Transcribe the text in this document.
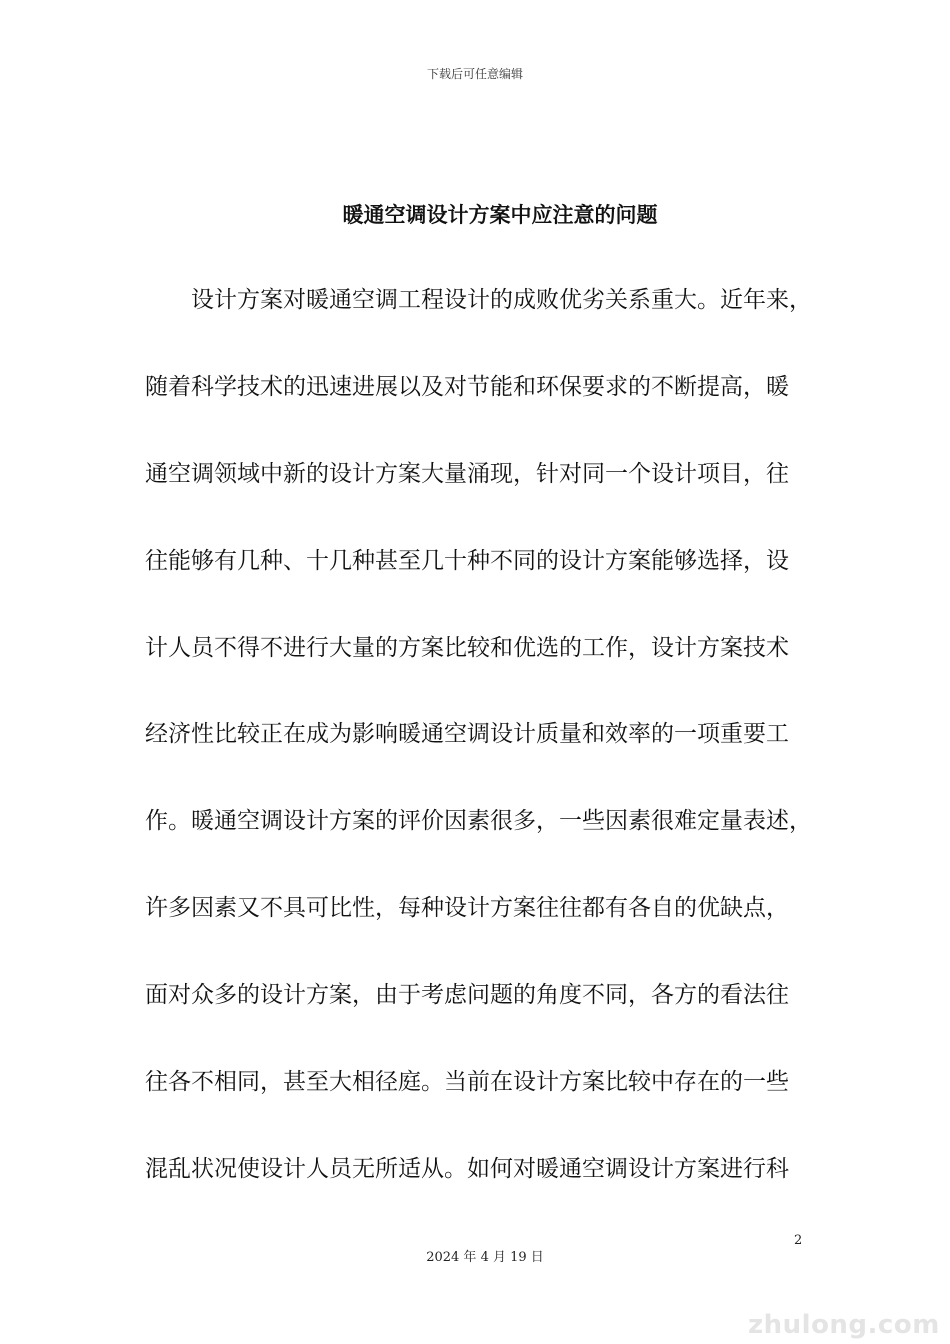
下载后可任意编辑
暖通空调设计方案中应注意的问题
设计方案对暖通空调工程设计的成败优劣关系重大。近年来，
随着科学技术的迅速进展以及对节能和环保要求的不断提高，暖
通空调领域中新的设计方案大量涌现，针对同一个设计项目，往
往能够有几种、十几种甚至几十种不同的设计方案能够选择，设
计人员不得不进行大量的方案比较和优选的工作，设计方案技术
经济性比较正在成为影响暖通空调设计质量和效率的一项重要工
作。暖通空调设计方案的评价因素很多，一些因素很难定量表述，
许多因素又不具可比性，每种设计方案往往都有各自的优缺点，
面对众多的设计方案，由于考虑问题的角度不同，各方的看法往
往各不相同，甚至大相径庭。当前在设计方案比较中存在的一些
混乱状况使设计人员无所适从。如何对暖通空调设计方案进行科
2
2024 年 4 月 19 日
zhulong.com
